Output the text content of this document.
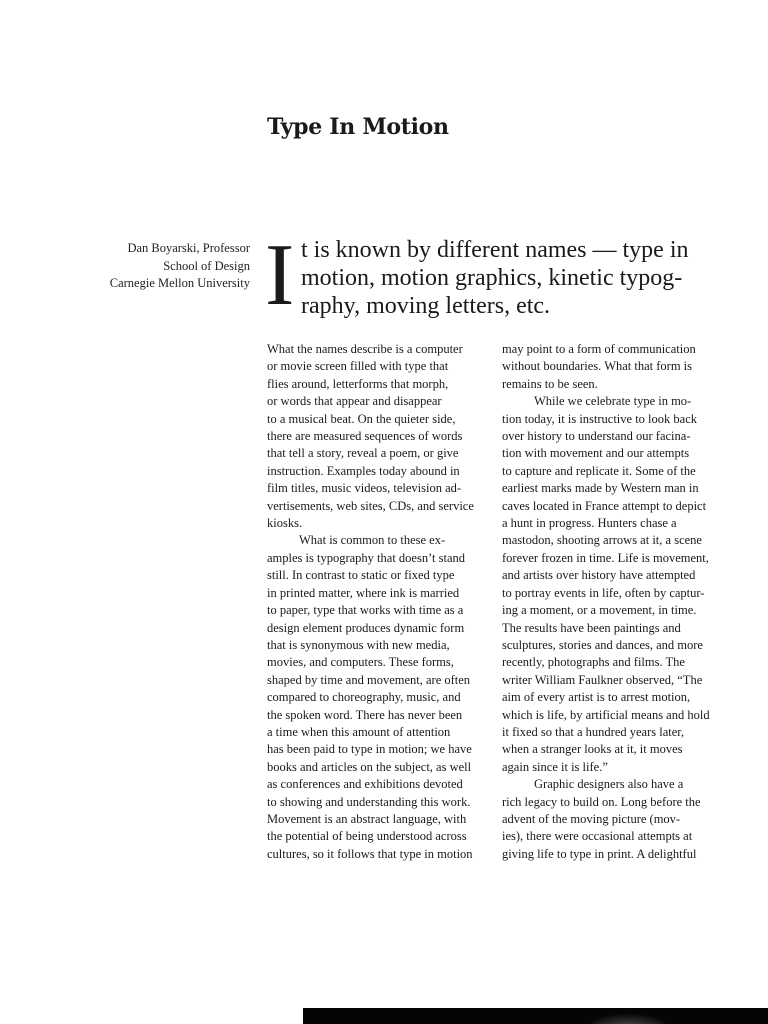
Type In Motion
Dan Boyarski, Professor
School of Design
Carnegie Mellon University I t is known by different names — type in
motion, motion graphics, kinetic typog-
raphy, moving letters, etc.
What the names describe is a computer
or movie screen filled with type that
flies around, letterforms that morph,
or words that appear and disappear
to a musical beat. On the quieter side,
there are measured sequences of words
that tell a story, reveal a poem, or give
instruction. Examples today abound in
film titles, music videos, television ad-
vertisements, web sites, CDs, and service
kiosks.
What is common to these ex-
amples is typography that doesn’t stand
still. In contrast to static or fixed type
in printed matter, where ink is married
to paper, type that works with time as a
design element produces dynamic form
that is synonymous with new media,
movies, and computers. These forms,
shaped by time and movement, are often
compared to choreography, music, and
the spoken word. There has never been
a time when this amount of attention
has been paid to type in motion; we have
books and articles on the subject, as well
as conferences and exhibitions devoted
to showing and understanding this work.
Movement is an abstract language, with
the potential of being understood across
cultures, so it follows that type in motion
may point to a form of communication
without boundaries. What that form is
remains to be seen.
While we celebrate type in mo-
tion today, it is instructive to look back
over history to understand our facina-
tion with movement and our attempts
to capture and replicate it. Some of the
earliest marks made by Western man in
caves located in France attempt to depict
a hunt in progress. Hunters chase a
mastodon, shooting arrows at it, a scene
forever frozen in time. Life is movement,
and artists over history have attempted
to portray events in life, often by captur-
ing a moment, or a movement, in time.
The results have been paintings and
sculptures, stories and dances, and more
recently, photographs and films. The
writer William Faulkner observed, “The
aim of every artist is to arrest motion,
which is life, by artificial means and hold
it fixed so that a hundred years later,
when a stranger looks at it, it moves
again since it is life.”
Graphic designers also have a
rich legacy to build on. Long before the
advent of the moving picture (mov-
ies), there were occasional attempts at
giving life to type in print. A delightful
